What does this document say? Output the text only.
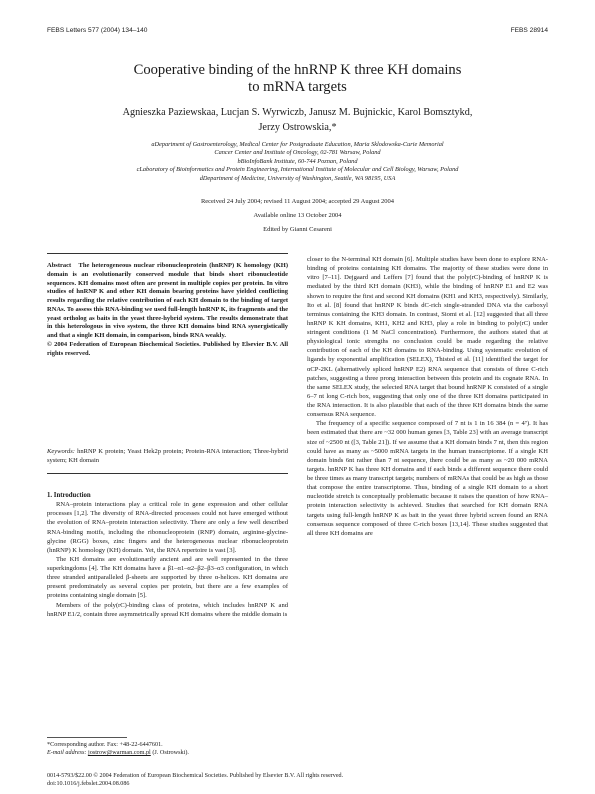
FEBS Letters 577 (2004) 134–140	FEBS 28914
Cooperative binding of the hnRNP K three KH domains
to mRNA targets
Agnieszka Paziewskaa, Lucjan S. Wyrwiczb, Janusz M. Bujnickic, Karol Bomsztykd,
Jerzy Ostrowskia,*
aDepartment of Gastroenterology, Medical Center for Postgraduate Education, Maria Sklodowska-Curie Memorial
Cancer Center and Institute of Oncology, 02-781 Warsaw, Poland
bBioInfoBank Institute, 60-744 Poznan, Poland
cLaboratory of Bioinformatics and Protein Engineering, International Institute of Molecular and Cell Biology, Warsaw, Poland
dDepartment of Medicine, University of Washington, Seattle, WA 98195, USA
Received 24 July 2004; revised 11 August 2004; accepted 29 August 2004
Available online 13 October 2004
Edited by Gianni Cesareni
Abstract The heterogeneous nuclear ribonucleoprotein (hnRNP) K homology (KH) domain is an evolutionarily conserved module that binds short ribonucleotide sequences. KH domains most often are present in multiple copies per protein. In vitro studies of hnRNP K and other KH domain bearing proteins have yielded conflicting results regarding the relative contribution of each KH domain to the binding of target RNAs. To assess this RNA-binding we used full-length hnRNP K, its fragments and the yeast ortholog as baits in the yeast three-hybrid system. The results demonstrate that in this heterologous in vivo system, the three KH domains bind RNA synergistically and that a single KH domain, in comparison, binds RNA weakly.
© 2004 Federation of European Biochemical Societies. Published by Elsevier B.V. All rights reserved.
Keywords: hnRNP K protein; Yeast Hek2p protein; Protein-RNA interaction; Three-hybrid system; KH domain

1. Introduction

RNA–protein interactions play a critical role in gene expression and other cellular processes [1,2]. The diversity of RNA-directed processes could not have emerged without the evolution of RNA–protein interaction selectivity. There are only a few well described RNA-binding motifs, including the ribonucleoprotein (RNP) domain, arginine-glycine-glycine (RGG) boxes, zinc fingers and the heterogeneous nuclear ribonucleoprotein (hnRNP) K homology (KH) domain. Yet, the RNA repertoire is vast [3].

The KH domains are evolutionarily ancient and are well represented in the three superkingdoms [4]. The KH domains have a β1–α1–α2–β2–β3–α3 configuration, in which three stranded antiparalleled β-sheets are supported by three α-helices. KH domains are present predominately as several copies per protein, but there are a few examples of proteins containing single domain [5].

Members of the poly(rC)-binding class of proteins, which includes hnRNP K and hnRNP E1/2, contain three asymmetrically spread KH domains where the middle domain is

closer to the N-terminal KH domain [6]. Multiple studies have been done to explore RNA-binding of proteins containing KH domains. The majority of these studies were done in vitro [7–11]. Dejgaard and Leffers [7] found that the poly(rC)-binding of hnRNP K is mediated by the third KH domain (KH3), while the binding of hnRNP E1 and E2 was shown to require the first and second KH domains (KH1 and KH3, respectively). Similarly, Ito et al. [8] found that hnRNP K binds dC-rich single-stranded DNA via the carboxyl terminus containing the KH3 domain. In contrast, Siomi et al. [12] suggested that all three hnRNP K KH domains, KH1, KH2 and KH3, play a role in binding to poly(rC) under stringent conditions (1 M NaCl concentration). Furthermore, the authors stated that at physiological ionic strengths no conclusion could be made regarding the relative contribution of each of the KH domains to RNA-binding. Using systematic evolution of ligands by exponential amplification (SELEX), Thisted et al. [11] identified the target for αCP-2KL (alternatively spliced hnRNP E2) RNA sequence that consists of three C-rich patches, suggesting a three prong interaction between this protein and its cognate RNA. In the same SELEX study, the selected RNA target that bound hnRNP K consisted of a single 6–7 nt long C-rich box, suggesting that only one of the three KH domains participated in the RNA interaction. It is also plausible that each of the three KH domains binds the same consensus RNA sequence.

The frequency of a specific sequence composed of 7 nt is 1 in 16 384 (n = 4⁷). It has been estimated that there are ~32 000 human genes [3, Table 23] with an average transcript size of ~2500 nt ([3, Table 21]). If we assume that a KH domain binds 7 nt, then this region could have as many as ~5000 mRNA targets in the human transcriptome. If a single KH domain binds 6nt rather than 7 nt sequence, there could be as many as ~20 000 mRNA targets. hnRNP K has three KH domains and if each binds a different sequence there could be three times as many transcript targets; numbers of mRNAs that could be as high as those that compose the entire transcriptome. Thus, binding of a single KH domain to a short nucleotide stretch is conceptually problematic because it raises the question of how RNA–protein interaction selectivity is achieved. Studies that searched for KH domain RNA targets using full-length hnRNP K as bait in the yeast three hybrid screen found an RNA consensus sequence composed of three C-rich boxes [13,14]. These studies suggested that all three KH domains are

*Corresponding author. Fax: +48-22-6447601.
E-mail address: jostrow@warman.com.pl (J. Ostrowski).
0014-5793/$22.00 © 2004 Federation of European Biochemical Societies. Published by Elsevier B.V. All rights reserved.
doi:10.1016/j.febslet.2004.08.086
